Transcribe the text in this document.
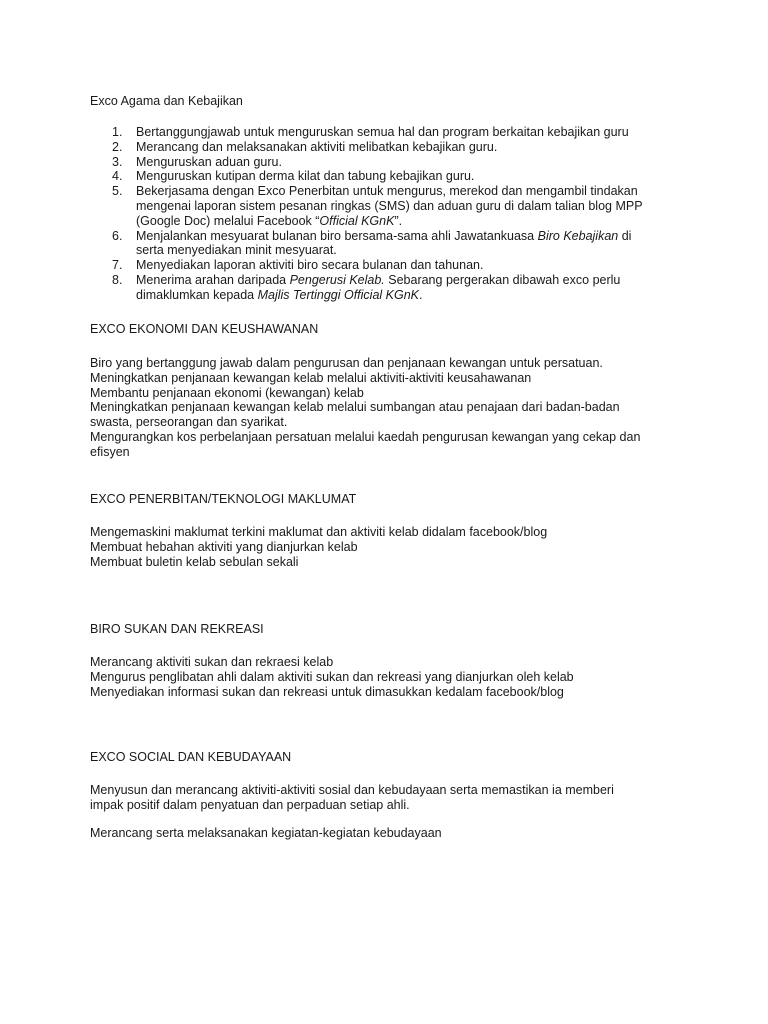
Exco Agama dan Kebajikan
1. Bertanggungjawab untuk menguruskan semua hal dan program berkaitan kebajikan guru
2. Merancang dan melaksanakan aktiviti melibatkan kebajikan guru.
3. Menguruskan aduan guru.
4. Menguruskan kutipan derma kilat dan tabung kebajikan guru.
5. Bekerjasama dengan Exco Penerbitan untuk mengurus, merekod dan mengambil tindakan mengenai laporan sistem pesanan ringkas (SMS) dan aduan guru di dalam talian blog MPP (Google Doc) melalui Facebook “Official KGnK”.
6. Menjalankan mesyuarat bulanan biro bersama-sama ahli Jawatankuasa Biro Kebajikan di serta menyediakan minit mesyuarat.
7. Menyediakan laporan aktiviti biro secara bulanan dan tahunan.
8. Menerima arahan daripada Pengerusi Kelab. Sebarang pergerakan dibawah exco perlu dimaklumkan kepada Majlis Tertinggi Official KGnK.
EXCO EKONOMI DAN KEUSHAWANAN

Biro yang bertanggung jawab dalam pengurusan dan penjanaan kewangan untuk persatuan.

Meningkatkan penjanaan kewangan kelab melalui aktiviti-aktiviti keusahawanan

Membantu penjanaan ekonomi (kewangan) kelab

Meningkatkan penjanaan kewangan kelab melalui sumbangan atau penajaan dari badan-badan swasta, perseorangan dan syarikat.

Mengurangkan kos perbelanjaan persatuan melalui kaedah pengurusan kewangan yang cekap dan efisyen

EXCO PENERBITAN/TEKNOLOGI MAKLUMAT

Mengemaskini maklumat terkini maklumat dan aktiviti kelab didalam facebook/blog

Membuat hebahan aktiviti yang dianjurkan kelab

Membuat buletin kelab sebulan sekali

BIRO SUKAN DAN REKREASI

Merancang aktiviti sukan dan rekraesi kelab

Mengurus penglibatan ahli dalam aktiviti sukan dan rekreasi yang dianjurkan oleh kelab

Menyediakan informasi sukan dan rekreasi untuk dimasukkan kedalam facebook/blog

EXCO SOCIAL DAN KEBUDAYAAN

Menyusun dan merancang aktiviti-aktiviti sosial dan kebudayaan serta memastikan ia memberi impak positif dalam penyatuan dan perpaduan setiap ahli.

Merancang serta melaksanakan kegiatan-kegiatan kebudayaan
